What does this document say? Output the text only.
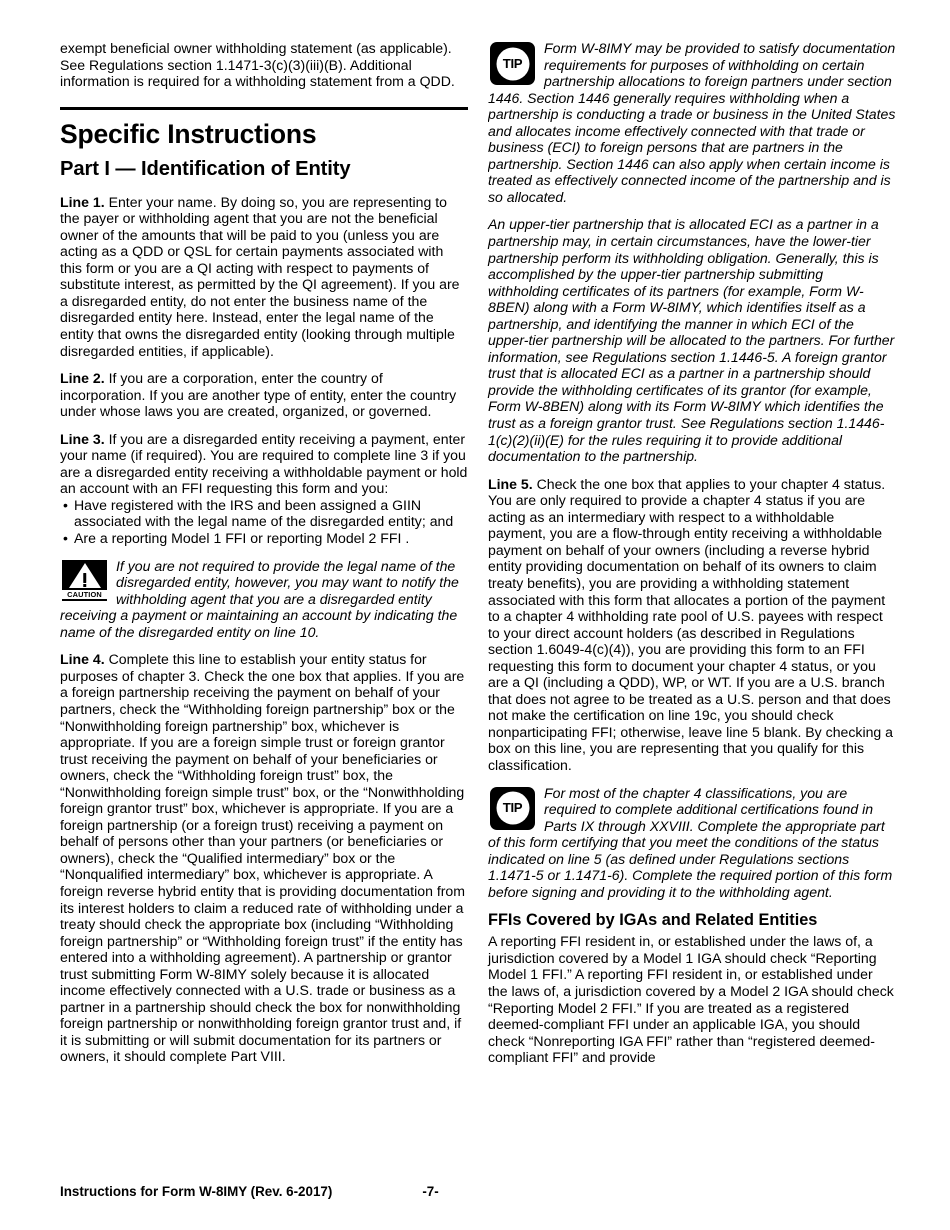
exempt beneficial owner withholding statement (as applicable). See Regulations section 1.1471-3(c)(3)(iii)(B). Additional information is required for a withholding statement from a QDD.

Specific Instructions
Part I — Identification of Entity

Line 1. Enter your name. By doing so, you are representing to the payer or withholding agent that you are not the beneficial owner of the amounts that will be paid to you (unless you are acting as a QDD or QSL for certain payments associated with this form or you are a QI acting with respect to payments of substitute interest, as permitted by the QI agreement). If you are a disregarded entity, do not enter the business name of the disregarded entity here. Instead, enter the legal name of the entity that owns the disregarded entity (looking through multiple disregarded entities, if applicable).

Line 2. If you are a corporation, enter the country of incorporation. If you are another type of entity, enter the country under whose laws you are created, organized, or governed.

Line 3. If you are a disregarded entity receiving a payment, enter your name (if required). You are required to complete line 3 if you are a disregarded entity receiving a withholdable payment or hold an account with an FFI requesting this form and you:

• Have registered with the IRS and been assigned a GIIN associated with the legal name of the disregarded entity; and
• Are a reporting Model 1 FFI or reporting Model 2 FFI .
CAUTION

If you are not required to provide the legal name of the disregarded entity, however, you may want to notify the withholding agent that you are a disregarded entity receiving a payment or maintaining an account by indicating the name of the disregarded entity on line 10.

Line 4. Complete this line to establish your entity status for purposes of chapter 3. Check the one box that applies. If you are a foreign partnership receiving the payment on behalf of your partners, check the “Withholding foreign partnership” box or the “Nonwithholding foreign partnership” box, whichever is appropriate. If you are a foreign simple trust or foreign grantor trust receiving the payment on behalf of your beneficiaries or owners, check the “Withholding foreign trust” box, the “Nonwithholding foreign simple trust” box, or the “Nonwithholding foreign grantor trust” box, whichever is appropriate. If you are a foreign partnership (or a foreign trust) receiving a payment on behalf of persons other than your partners (or beneficiaries or owners), check the “Qualified intermediary” box or the “Nonqualified intermediary” box, whichever is appropriate. A foreign reverse hybrid entity that is providing documentation from its interest holders to claim a reduced rate of withholding under a treaty should check the appropriate box (including “Withholding foreign partnership” or “Withholding foreign trust” if the entity has entered into a withholding agreement). A partnership or grantor trust submitting Form W-8IMY solely because it is allocated income effectively connected with a U.S. trade or business as a partner in a partnership should check the box for nonwithholding foreign partnership or nonwithholding foreign grantor trust and, if it is submitting or will submit documentation for its partners or owners, it should complete Part VIII.

TIP

Form W-8IMY may be provided to satisfy documentation requirements for purposes of withholding on certain partnership allocations to foreign partners under section 1446. Section 1446 generally requires withholding when a partnership is conducting a trade or business in the United States and allocates income effectively connected with that trade or business (ECI) to foreign persons that are partners in the partnership. Section 1446 can also apply when certain income is treated as effectively connected income of the partnership and is so allocated.

An upper-tier partnership that is allocated ECI as a partner in a partnership may, in certain circumstances, have the lower-tier partnership perform its withholding obligation. Generally, this is accomplished by the upper-tier partnership submitting withholding certificates of its partners (for example, Form W-8BEN) along with a Form W-8IMY, which identifies itself as a partnership, and identifying the manner in which ECI of the upper-tier partnership will be allocated to the partners. For further information, see Regulations section 1.1446-5. A foreign grantor trust that is allocated ECI as a partner in a partnership should provide the withholding certificates of its grantor (for example, Form W-8BEN) along with its Form W-8IMY which identifies the trust as a foreign grantor trust. See Regulations section 1.1446-1(c)(2)(ii)(E) for the rules requiring it to provide additional documentation to the partnership.

Line 5. Check the one box that applies to your chapter 4 status. You are only required to provide a chapter 4 status if you are acting as an intermediary with respect to a withholdable payment, you are a flow-through entity receiving a withholdable payment on behalf of your owners (including a reverse hybrid entity providing documentation on behalf of its owners to claim treaty benefits), you are providing a withholding statement associated with this form that allocates a portion of the payment to a chapter 4 withholding rate pool of U.S. payees with respect to your direct account holders (as described in Regulations section 1.6049-4(c)(4)), you are providing this form to an FFI requesting this form to document your chapter 4 status, or you are a QI (including a QDD), WP, or WT. If you are a U.S. branch that does not agree to be treated as a U.S. person and that does not make the certification on line 19c, you should check nonparticipating FFI; otherwise, leave line 5 blank. By checking a box on this line, you are representing that you qualify for this classification.

TIP

For most of the chapter 4 classifications, you are required to complete additional certifications found in Parts IX through XXVIII. Complete the appropriate part of this form certifying that you meet the conditions of the status indicated on line 5 (as defined under Regulations sections 1.1471-5 or 1.1471-6). Complete the required portion of this form before signing and providing it to the withholding agent.

FFIs Covered by IGAs and Related Entities

A reporting FFI resident in, or established under the laws of, a jurisdiction covered by a Model 1 IGA should check “Reporting Model 1 FFI.” A reporting FFI resident in, or established under the laws of, a jurisdiction covered by a Model 2 IGA should check “Reporting Model 2 FFI.” If you are treated as a registered deemed-compliant FFI under an applicable IGA, you should check “Nonreporting IGA FFI” rather than “registered deemed-compliant FFI” and provide

Instructions for Form W-8IMY (Rev. 6-2017)	-7-
